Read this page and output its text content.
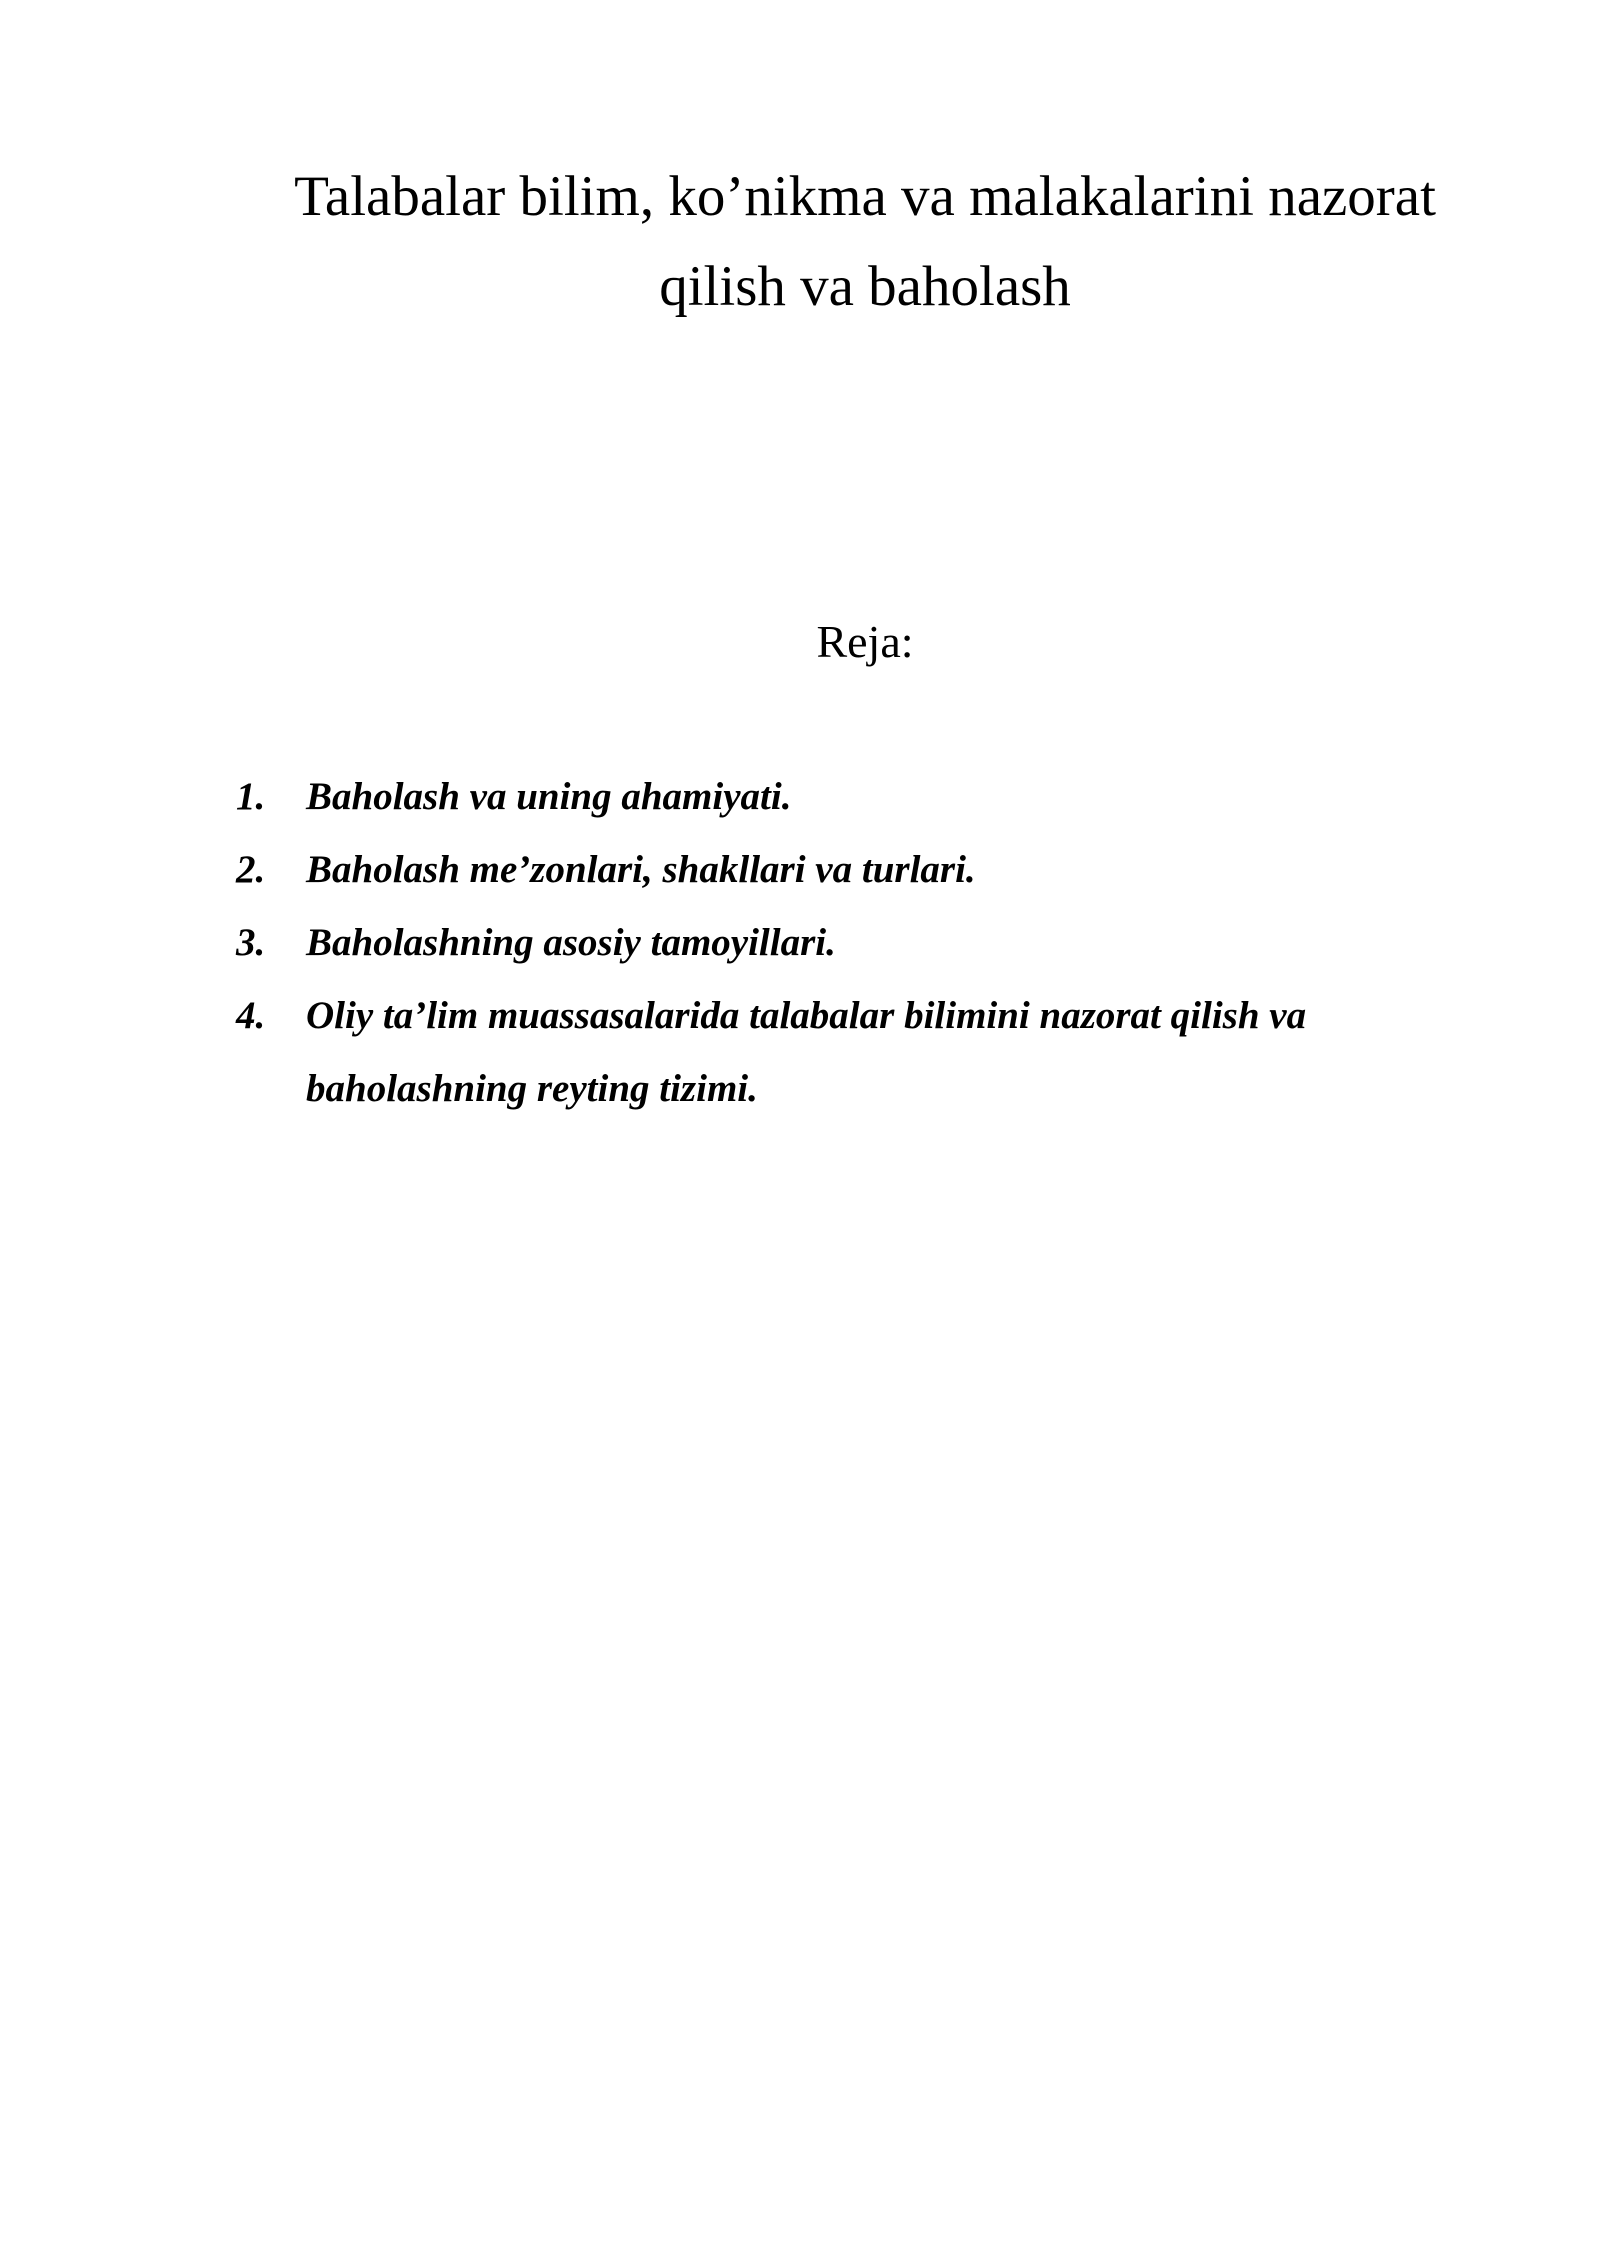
Talabalar bilim, ko’nikma va malakalarini nazorat
qilish va baholash

Reja:

1.	Baholash va uning ahamiyati.
2.	Baholash me’zonlari, shakllari va turlari.
3.	Baholashning asosiy tamoyillari.
4.	Oliy ta’lim muassasalarida talabalar bilimini nazorat qilish va baholashning reyting tizimi.
